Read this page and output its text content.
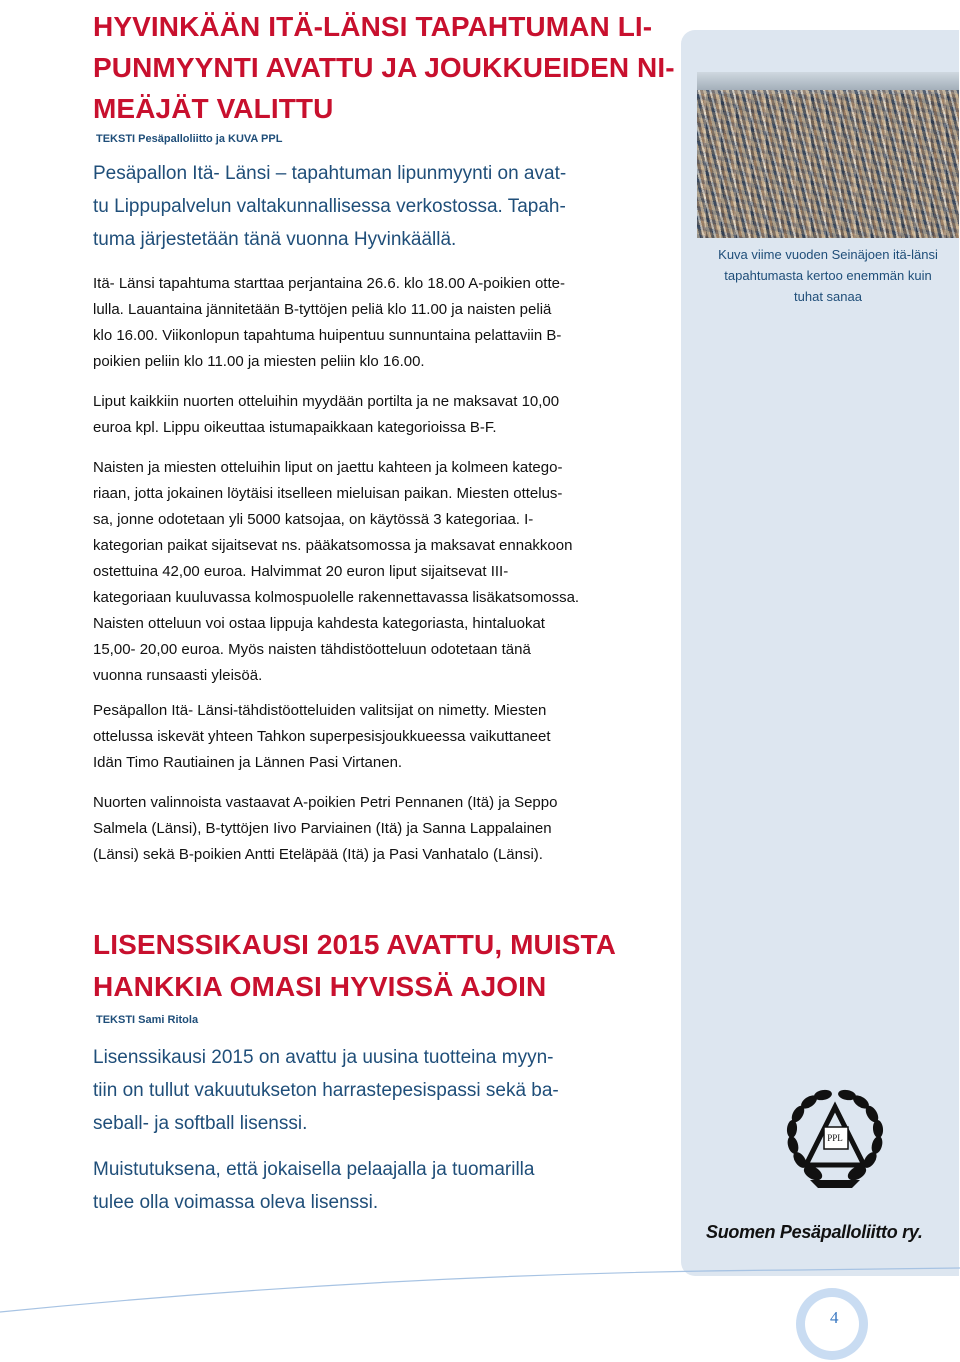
HYVINKÄÄN ITÄ-LÄNSI TAPAHTUMAN LI-
PUNMYYNTI AVATTU JA JOUKKUEIDEN NI-
MEÄJÄT VALITTU
TEKSTI Pesäpalloliitto ja KUVA PPL
Pesäpallon Itä- Länsi – tapahtuman lipunmyynti on avat-
tu Lippupalvelun valtakunnallisessa verkostossa. Tapah-
tuma järjestetään tänä vuonna Hyvinkäällä.

Itä- Länsi tapahtuma starttaa perjantaina 26.6. klo 18.00 A-poikien otte-
lulla. Lauantaina jännitetään B-tyttöjen peliä klo 11.00 ja naisten peliä
klo 16.00. Viikonlopun tapahtuma huipentuu sunnuntaina pelattaviin B-
poikien peliin klo 11.00 ja miesten peliin klo 16.00.

Liput kaikkiin nuorten otteluihin myydään portilta ja ne maksavat 10,00
euroa kpl. Lippu oikeuttaa istumapaikkaan kategorioissa B-F.

Naisten ja miesten otteluihin liput on jaettu kahteen ja kolmeen katego-
riaan, jotta jokainen löytäisi itselleen mieluisan paikan. Miesten ottelus-
sa, jonne odotetaan yli 5000 katsojaa, on käytössä 3 kategoriaa. I-
kategorian paikat sijaitsevat ns. pääkatsomossa ja maksavat ennakkoon
ostettuina 42,00 euroa. Halvimmat 20 euron liput sijaitsevat III-
kategoriaan kuuluvassa kolmospuolelle rakennettavassa lisäkatsomossa.
Naisten otteluun voi ostaa lippuja kahdesta kategoriasta, hintaluokat
15,00- 20,00 euroa. Myös naisten tähdistöotteluun odotetaan tänä
vuonna runsaasti yleisöä.

Pesäpallon Itä- Länsi-tähdistöotteluiden valitsijat on nimetty. Miesten
ottelussa iskevät yhteen Tahkon superpesisjoukkueessa vaikuttaneet
Idän Timo Rautiainen ja Lännen Pasi Virtanen.

Nuorten valinnoista vastaavat A-poikien Petri Pennanen (Itä) ja Seppo
Salmela (Länsi), B-tyttöjen Iivo Parviainen (Itä) ja Sanna Lappalainen
(Länsi) sekä B-poikien Antti Eteläpää (Itä) ja Pasi Vanhatalo (Länsi).

LISENSSIKAUSI 2015 AVATTU, MUISTA
HANKKIA OMASI HYVISSÄ AJOIN
TEKSTI Sami Ritola
Lisenssikausi 2015 on avattu ja uusina tuotteina myyn-
tiin on tullut vakuutukseton harrastepesispassi sekä ba-
seball- ja softball lisenssi.
Muistutuksena, että jokaisella pelaajalla ja tuomarilla
tulee olla voimassa oleva lisenssi.
Kuva viime vuoden Seinäjoen itä-länsi
tapahtumasta kertoo enemmän kuin
tuhat sanaa
PPL
Suomen Pesäpalloliitto ry.
4
